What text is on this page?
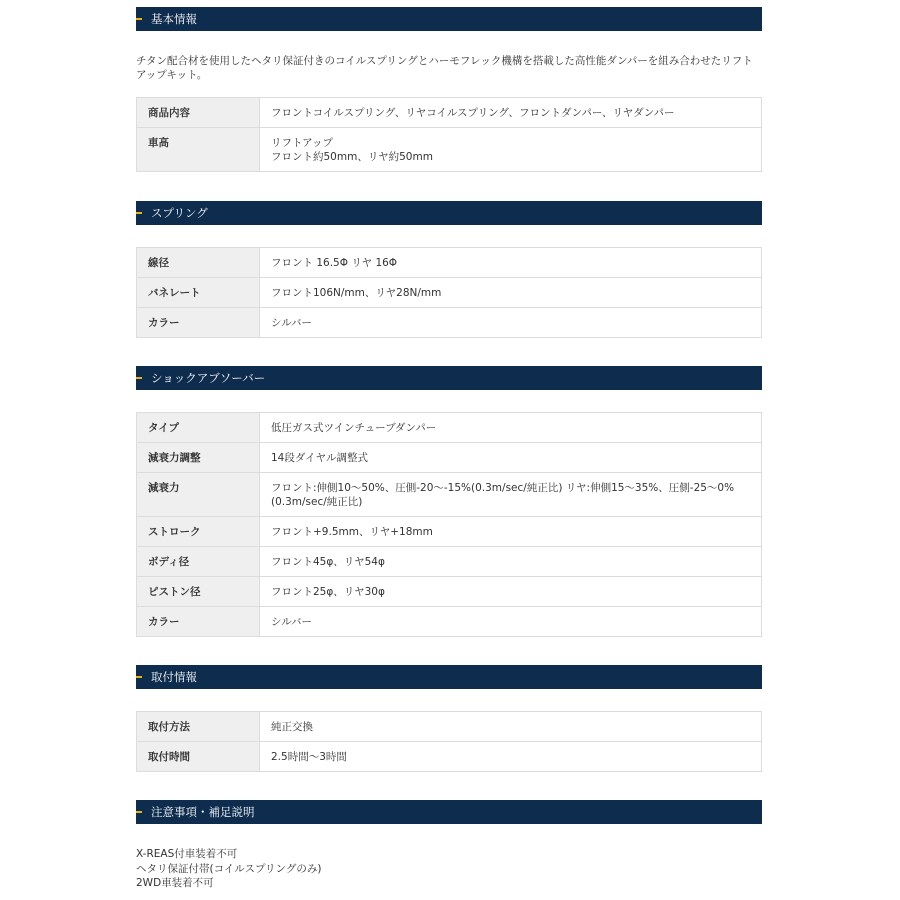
基本情報
チタン配合材を使用したヘタリ保証付きのコイルスプリングとハーモフレック機構を搭載した高性能ダンパーを組み合わせたリフトアップキット。
商品内容	フロントコイルスプリング、リヤコイルスプリング、フロントダンパー、リヤダンパー

車高	リフトアップ
フロント約50mm、リヤ約50mm
スプリング
線径	フロント 16.5Φ リヤ 16Φ

バネレート	フロント106N/mm、リヤ28N/mm

カラー	シルバー
ショックアブソーバー
タイプ	低圧ガス式ツインチューブダンパー

減衰力調整	14段ダイヤル調整式

減衰力	フロント:伸側10～50%、圧側-20～-15%(0.3m/sec/純正比) リヤ:伸側15～35%、圧側-25～0%
(0.3m/sec/純正比)

ストローク	フロント+9.5mm、リヤ+18mm

ボディ径	フロント45φ、リヤ54φ

ピストン径	フロント25φ、リヤ30φ

カラー	シルバー
取付情報
取付方法	純正交換

取付時間	2.5時間～3時間
注意事項・補足説明
X-REAS付車装着不可
ヘタリ保証付帯(コイルスプリングのみ)
2WD車装着不可
